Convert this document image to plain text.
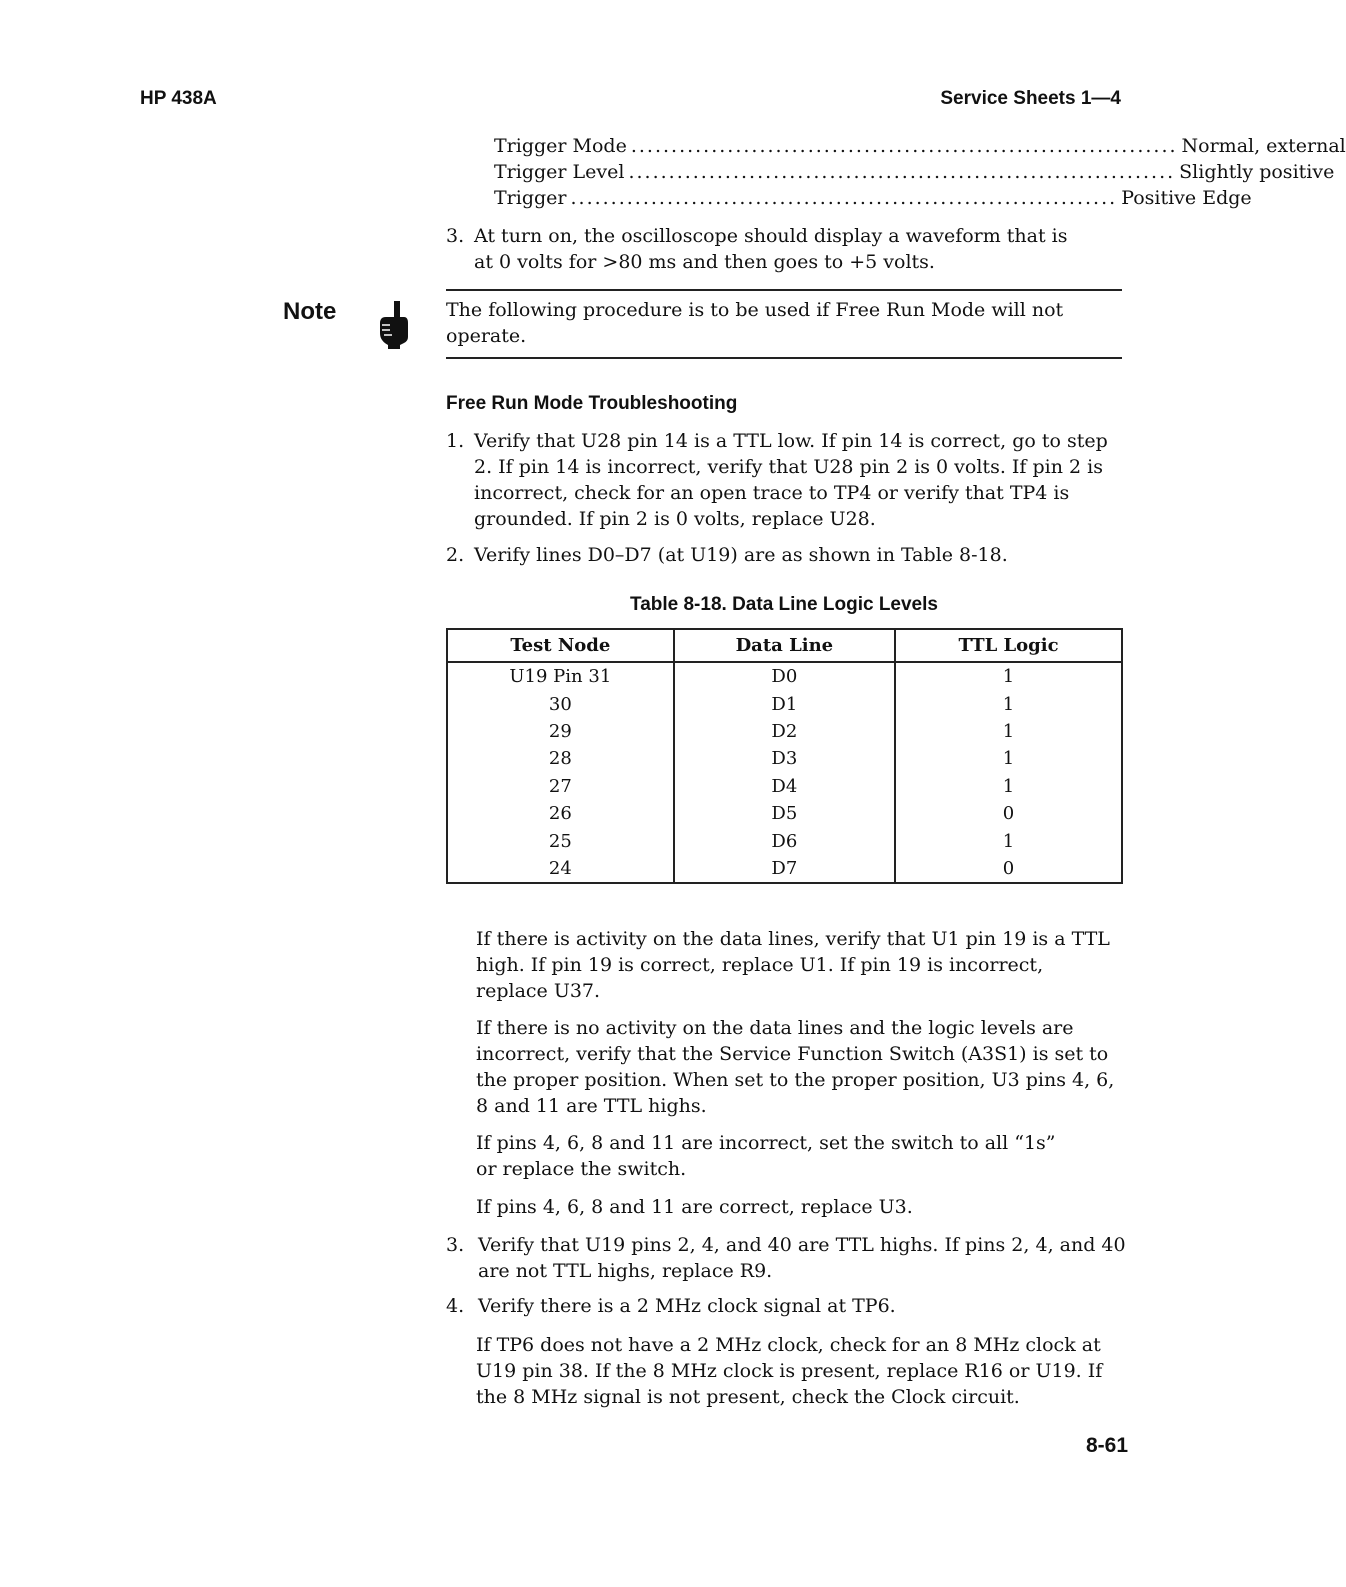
HP 438A	Service Sheets 1—4
Trigger Mode .................................................................... Normal, external
Trigger Level .................................................................... Slightly positive
Trigger .................................................................... Positive Edge
3. At turn on, the oscilloscope should display a waveform that is at 0 volts for >80 ms and then goes to +5 volts.
Note	The following procedure is to be used if Free Run Mode will not operate.
Free Run Mode Troubleshooting
1. Verify that U28 pin 14 is a TTL low. If pin 14 is correct, go to step 2. If pin 14 is incorrect, verify that U28 pin 2 is 0 volts. If pin 2 is incorrect, check for an open trace to TP4 or verify that TP4 is grounded. If pin 2 is 0 volts, replace U28.
2. Verify lines D0–D7 (at U19) are as shown in Table 8-18.
Table 8-18. Data Line Logic Levels
Test Node	Data Line	TTL Logic
U19 Pin 31	D0	1
30	D1	1
29	D2	1
28	D3	1
27	D4	1
26	D5	0
25	D6	1
24	D7	0
If there is activity on the data lines, verify that U1 pin 19 is a TTL high. If pin 19 is correct, replace U1. If pin 19 is incorrect, replace U37.
If there is no activity on the data lines and the logic levels are incorrect, verify that the Service Function Switch (A3S1) is set to the proper position. When set to the proper position, U3 pins 4, 6, 8 and 11 are TTL highs.
If pins 4, 6, 8 and 11 are incorrect, set the switch to all “1s” or replace the switch.
If pins 4, 6, 8 and 11 are correct, replace U3.
3. Verify that U19 pins 2, 4, and 40 are TTL highs. If pins 2, 4, and 40 are not TTL highs, replace R9.
4. Verify there is a 2 MHz clock signal at TP6.
If TP6 does not have a 2 MHz clock, check for an 8 MHz clock at U19 pin 38. If the 8 MHz clock is present, replace R16 or U19. If the 8 MHz signal is not present, check the Clock circuit.
8-61
